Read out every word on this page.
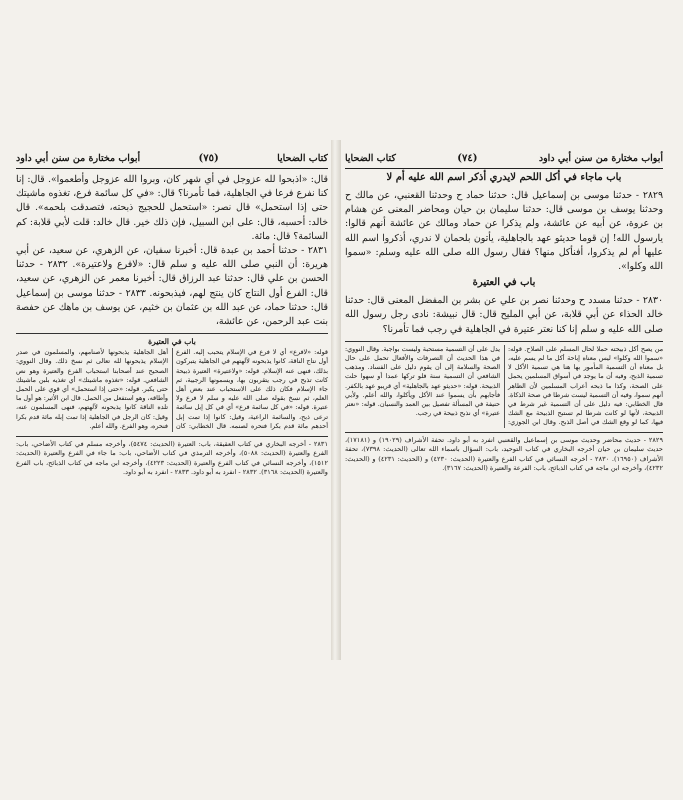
كتاب الضحايا
(٧٥)
أبواب مختارة من سنن أبي داود

قال: «اذبحوا لله عزوجل في أي شهر كان، وبروا الله عزوجل وأطعموا». قال: إنا كنا نفرع فرعا في الجاهلية، فما تأمرنا؟ قال: «في كل سائمة فرع، تغذوه ماشيتك حتى إذا استحمل» قال نصر: «استحمل للحجيج ذبحته، فتصدقت بلحمه». قال خالد: أحسبه، قال: على ابن السبيل، فإن ذلك خير. قال خالد: قلت لأبي قلابة: كم السائمة؟ قال: مائة.

٢٨٣١ - حدثنا أحمد بن عبدة قال: أخبرنا سفيان، عن الزهري، عن سعيد، عن أبي هريرة: أن النبي صلى الله عليه و سلم قال: «لافرع ولاعتيرة». ٢٨٣٢ - حدثنا الحسن بن علي قال: حدثنا عبد الرزاق قال: أخبرنا معمر عن الزهري، عن سعيد، قال: الفرع أول النتاج كان ينتج لهم، فيذبحونه. ٢٨٣٣ - حدثنا موسى بن إسماعيل قال: حدثنا حماد، عن عبد الله بن عثمان بن خثيم، عن يوسف بن ماهك عن حفصة بنت عبد الرحمن، عن عائشة،

باب في العتيرة

قوله: «لافرع» أي لا فرع في الإسلام يتحبب إليه. الفرع أول نتاج الناقة، كانوا يذبحونه لآلهتهم في الجاهلية يتبركون بذلك، فنهى عنه الإسلام. قوله: «ولاعتيرة» العتيرة ذبيحة كانت تذبح في رجب يتقربون بها، ويسمونها الرجبية، ثم جاء الإسلام فكان ذلك على الاستحباب عند بعض أهل العلم، ثم نسخ بقوله صلى الله عليه و سلم لا فرع ولا عتيرة. قوله: «في كل سائمة فرع» أي في كل إبل سائمة ترعى ذبح، والسائمة الراعية، وقيل: كانوا إذا تمت إبل أحدهم مائة قدم بكرا فنحره لصنمه. قال الخطابي: كان أهل الجاهلية يذبحونها لأصنامهم، والمسلمون في صدر الإسلام يذبحونها لله تعالى ثم نسخ ذلك. وقال النووي: الصحيح عند أصحابنا استحباب الفرع والعتيرة وهو نص الشافعي. قوله: «تغذوه ماشيتك» أي تغذيه بلبن ماشيتك حتى يكبر. قوله: «حتى إذا استحمل» أي قوي على الحمل وأطاقه، وهو استفعل من الحمل. قال ابن الأثير: هو أول ما تلده الناقة كانوا يذبحونه لآلهتهم، فنهى المسلمون عنه، وقيل: كان الرجل في الجاهلية إذا تمت إبله مائة قدم بكرا فنحره، وهو الفرع. والله أعلم.

٢٨٣١ - أخرجه البخاري في كتاب العقيقة، باب: العتيرة (الحديث: ٥٤٧٤)، وأخرجه مسلم في كتاب الأضاحي، باب: الفرع والعتيرة (الحديث: ٥٠٨٨)، وأخرجه الترمذي في كتاب الأضاحي، باب: ما جاء في الفرع والعتيرة (الحديث: ١٥١٢)، وأخرجه النسائي في كتاب الفرع والعتيرة (الحديث: ٤٢٢٣)، وأخرجه ابن ماجه في كتاب الذبائح، باب الفرع والعتيرة (الحديث: ٣١٦٨). ٢٨٣٢ - انفرد به أبو داود. ٢٨٣٣ - انفرد به أبو داود.

أبواب مختارة من سنن أبي داود
(٧٤)
كتاب الضحايا
باب ماجاء في أكل اللحم لايدري أذكر اسم الله عليه أم لا

٢٨٢٩ - حدثنا موسى بن إسماعيل قال: حدثنا حماد ح وحدثنا القعنبي، عن مالك ح وحدثنا يوسف بن موسى قال: حدثنا سليمان بن حيان ومحاضر المعنى عن هشام بن عروة، عن أبيه عن عائشة، ولم يذكرا عن حماد ومالك عن عائشة أنهم قالوا: يارسول الله! إن قوما حديثو عهد بالجاهلية، يأتون بلحمان لا ندري، أذكروا اسم الله عليها أم لم يذكروا، أفنأكل منها؟ فقال رسول الله صلى الله عليه وسلم: «سموا الله وكلوا».

باب في العتيرة

٢٨٣٠ - حدثنا مسدد ح وحدثنا نصر بن علي عن بشر بن المفضل المعنى قال: حدثنا خالد الحذاء عن أبي قلابة، عن أبي المليح قال: قال نبيشة: نادى رجل رسول الله صلى الله عليه و سلم إنا كنا نعتر عتيرة في الجاهلية في رجب فما تأمرنا؟

من يصح أكل ذبيحته حملا لحال المسلم على الصلاح. قوله: «سموا الله وكلوا» ليس معناه إباحة أكل ما لم يسم عليه، بل معناه أن التسمية المأمور بها هنا هي تسمية الأكل لا تسمية الذبح، وفيه أن ما يوجد في أسواق المسلمين يحمل على الصحة، وكذا ما ذبحه أعراب المسلمين لأن الظاهر أنهم سموا، وفيه أن التسمية ليست شرطا في صحة الذكاة. قال الخطابي: فيه دليل على أن التسمية غير شرط في الذبيحة، لأنها لو كانت شرطا لم تستبح الذبيحة مع الشك فيها، كما لو وقع الشك في أصل الذبح. وقال ابن الجوزي: يدل على أن التسمية مستحبة وليست بواجبة. وقال النووي: في هذا الحديث أن التصرفات والأفعال تحمل على حال الصحة والسلامة إلى أن يقوم دليل على الفساد. ومذهب الشافعي أن التسمية سنة فلو تركها عمدا أو سهوا حلت الذبيحة. قوله: «حديثو عهد بالجاهلية» أي قريبو عهد بالكفر. فأجابهم بأن يسموا عند الأكل ويأكلوا، والله أعلم. ولأبي حنيفة في المسألة تفصيل بين العمد والنسيان. قوله: «نعتر عتيرة» أي نذبح ذبيحة في رجب.

٢٨٢٩ - حديث محاضر وحديث موسى بن إسماعيل والقعنبي انفرد به أبو داود. تحفة الأشراف (١٩٠٢٩) و (١٧١٨١)، حديث سليمان بن حيان أخرجه البخاري في كتاب التوحيد، باب: السؤال باسماء الله تعالى (الحديث: ٧٣٩٨)، تحفة الأشراف (١٦٩٥٠). ٢٨٣٠ - أخرجه النسائي في كتاب الفرع والعتيرة (الحديث: ٤٢٣٠) و (الحديث: ٤٢٣١) و (الحديث: ٤٢٣٢)، وأخرجه ابن ماجه في كتاب الذبائح، باب: الفرعة والعتيرة (الحديث: ٣١٦٧).
